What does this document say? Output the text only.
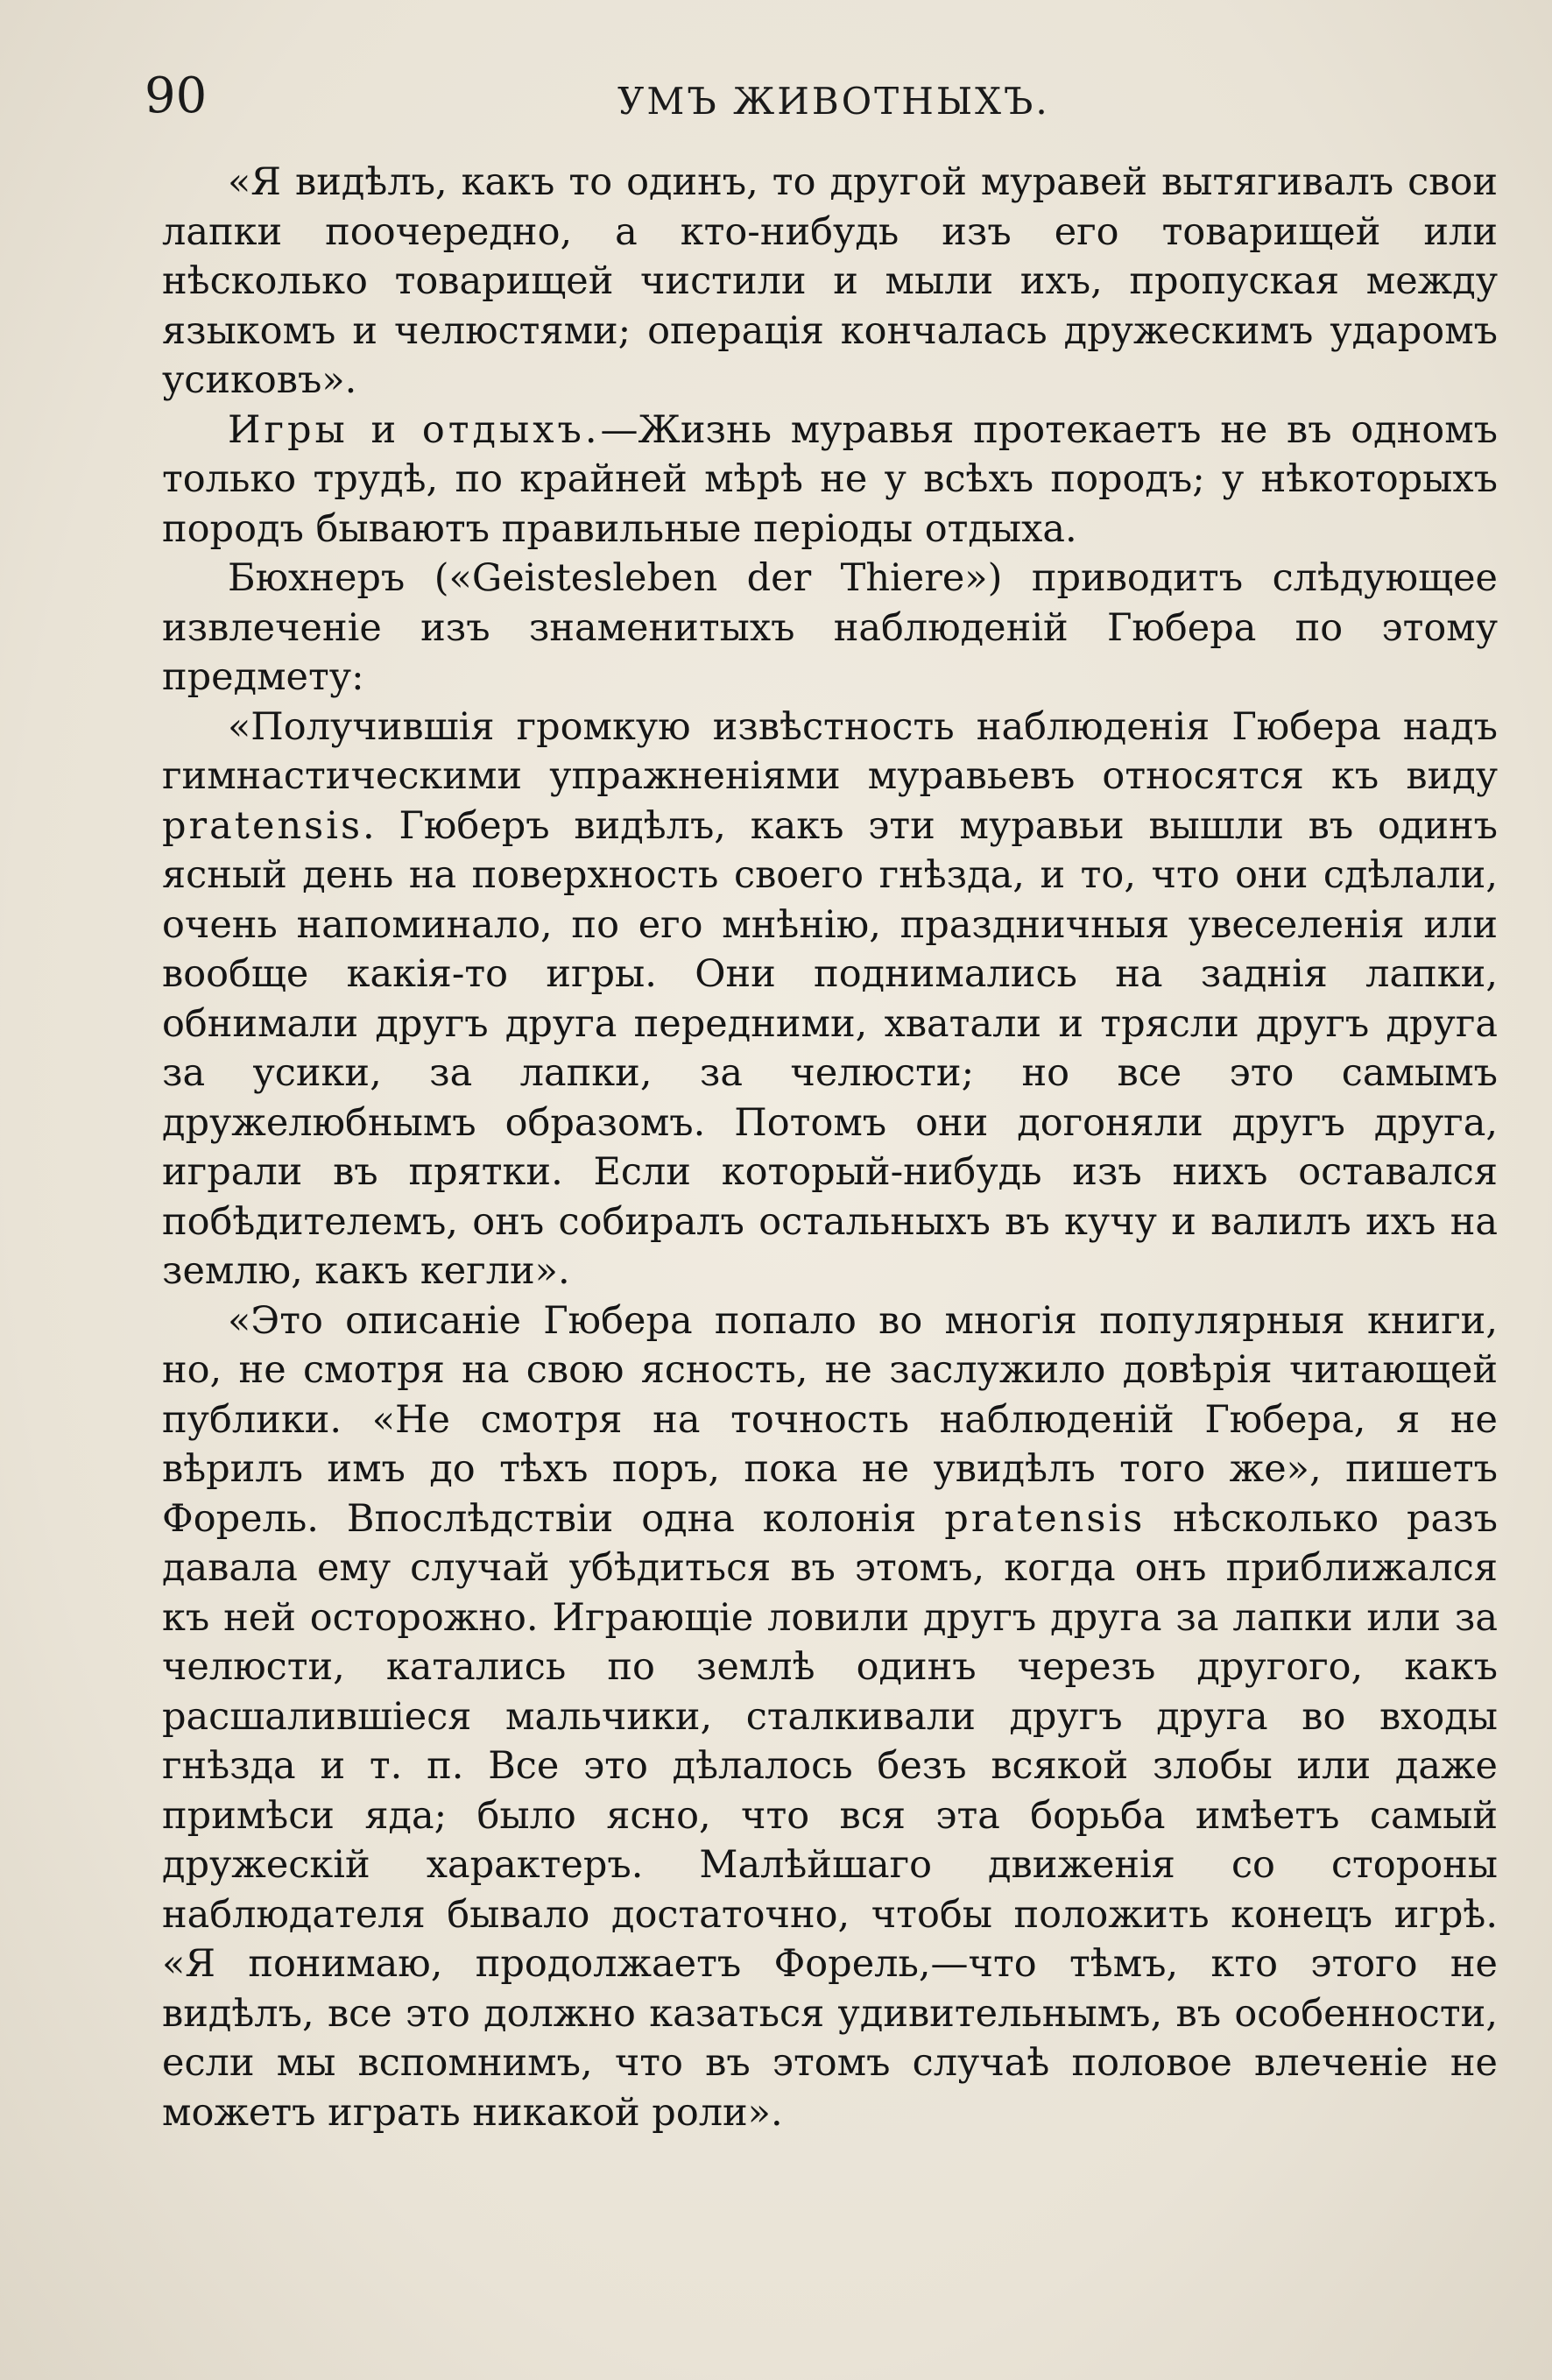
90	УМЪ ЖИВОТНЫХЪ.

«Я видѣлъ, какъ то одинъ, то другой муравей вытягивалъ свои лапки поочередно, а кто-нибудь изъ его товарищей или нѣсколько товарищей чистили и мыли ихъ, пропуская между языкомъ и челюстями; операція кончалась дружескимъ ударомъ усиковъ».

Игры и отдыхъ.—Жизнь муравья протекаетъ не въ одномъ только трудѣ, по крайней мѣрѣ не у всѣхъ породъ; у нѣкоторыхъ породъ бываютъ правильные періоды отдыха.

Бюхнеръ («Geistesleben der Thiere») приводитъ слѣдующее извлеченіе изъ знаменитыхъ наблюденій Гюбера по этому предмету:

«Получившія громкую извѣстность наблюденія Гюбера надъ гимнастическими упражненіями муравьевъ относятся къ виду pratensis. Гюберъ видѣлъ, какъ эти муравьи вышли въ одинъ ясный день на поверхность своего гнѣзда, и то, что они сдѣлали, очень напоминало, по его мнѣнію, праздничныя увеселенія или вообще какія-то игры. Они поднимались на заднія лапки, обнимали другъ друга передними, хватали и трясли другъ друга за усики, за лапки, за челюсти; но все это самымъ дружелюбнымъ образомъ. Потомъ они догоняли другъ друга, играли въ прятки. Если который-нибудь изъ нихъ оставался побѣдителемъ, онъ собиралъ остальныхъ въ кучу и валилъ ихъ на землю, какъ кегли».

«Это описаніе Гюбера попало во многія популярныя книги, но, не смотря на свою ясность, не заслужило довѣрія читающей публики. «Не смотря на точность наблюденій Гюбера, я не вѣрилъ имъ до тѣхъ поръ, пока не увидѣлъ того же», пишетъ Форель. Впослѣдствіи одна колонія pratensis нѣсколько разъ давала ему случай убѣдиться въ этомъ, когда онъ приближался къ ней осторожно. Играющіе ловили другъ друга за лапки или за челюсти, катались по землѣ одинъ черезъ другого, какъ расшалившіеся мальчики, сталкивали другъ друга во входы гнѣзда и т. п. Все это дѣлалось безъ всякой злобы или даже примѣси яда; было ясно, что вся эта борьба имѣетъ самый дружескій характеръ. Малѣйшаго движенія со стороны наблюдателя бывало достаточно, чтобы положить конецъ игрѣ. «Я понимаю, продолжаетъ Форель,—что тѣмъ, кто этого не видѣлъ, все это должно казаться удивительнымъ, въ особенности, если мы вспомнимъ, что въ этомъ случаѣ половое влеченіе не можетъ играть никакой роли».
